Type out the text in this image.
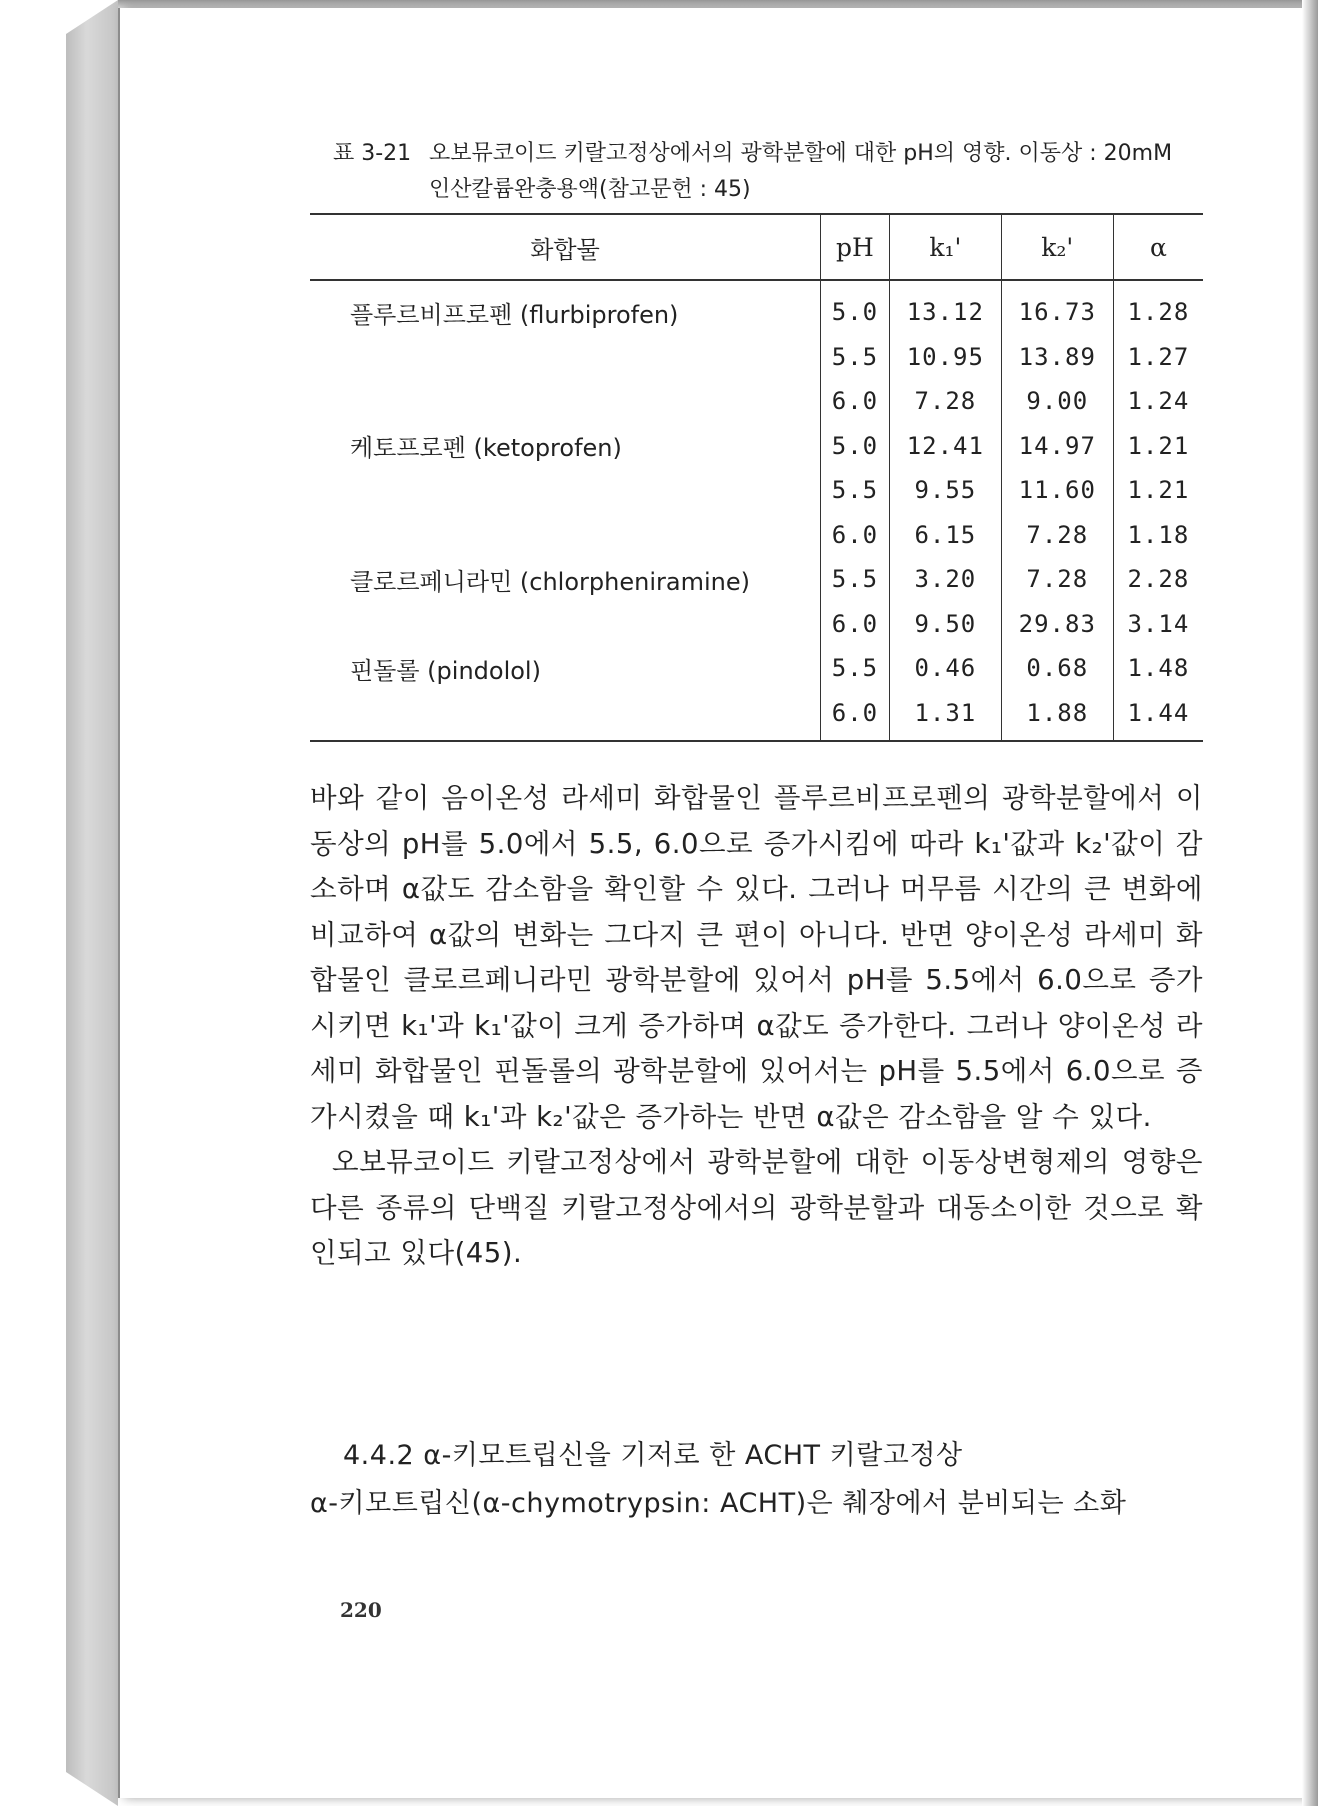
표 3-21 오보뮤코이드 키랄고정상에서의 광학분할에 대한 pH의 영향. 이동상 : 20mM
인산칼륨완충용액(참고문헌 : 45)
화합물	pH	k₁'	k₂'	α
플루르비프로펜 (flurbiprofen)	5.0	13.12	16.73	1.28
	5.5	10.95	13.89	1.27
	6.0	7.28	9.00	1.24
케토프로펜 (ketoprofen)	5.0	12.41	14.97	1.21
	5.5	9.55	11.60	1.21
	6.0	6.15	7.28	1.18
클로르페니라민 (chlorpheniramine)	5.5	3.20	7.28	2.28
	6.0	9.50	29.83	3.14
핀돌롤 (pindolol)	5.5	0.46	0.68	1.48
	6.0	1.31	1.88	1.44

바와 같이 음이온성 라세미 화합물인 플루르비프로펜의 광학분할에서 이동상의 pH를 5.0에서 5.5, 6.0으로 증가시킴에 따라 k₁'값과 k₂'값이 감소하며 α값도 감소함을 확인할 수 있다. 그러나 머무름 시간의 큰 변화에 비교하여 α값의 변화는 그다지 큰 편이 아니다. 반면 양이온성 라세미 화합물인 클로르페니라민 광학분할에 있어서 pH를 5.5에서 6.0으로 증가시키면 k₁'과 k₁'값이 크게 증가하며 α값도 증가한다. 그러나 양이온성 라세미 화합물인 핀돌롤의 광학분할에 있어서는 pH를 5.5에서 6.0으로 증가시켰을 때 k₁'과 k₂'값은 증가하는 반면 α값은 감소함을 알 수 있다.

오보뮤코이드 키랄고정상에서 광학분할에 대한 이동상변형제의 영향은 다른 종류의 단백질 키랄고정상에서의 광학분할과 대동소이한 것으로 확인되고 있다(45).

4.4.2 α-키모트립신을 기저로 한 ACHT 키랄고정상
α-키모트립신(α-chymotrypsin: ACHT)은 췌장에서 분비되는 소화
220
